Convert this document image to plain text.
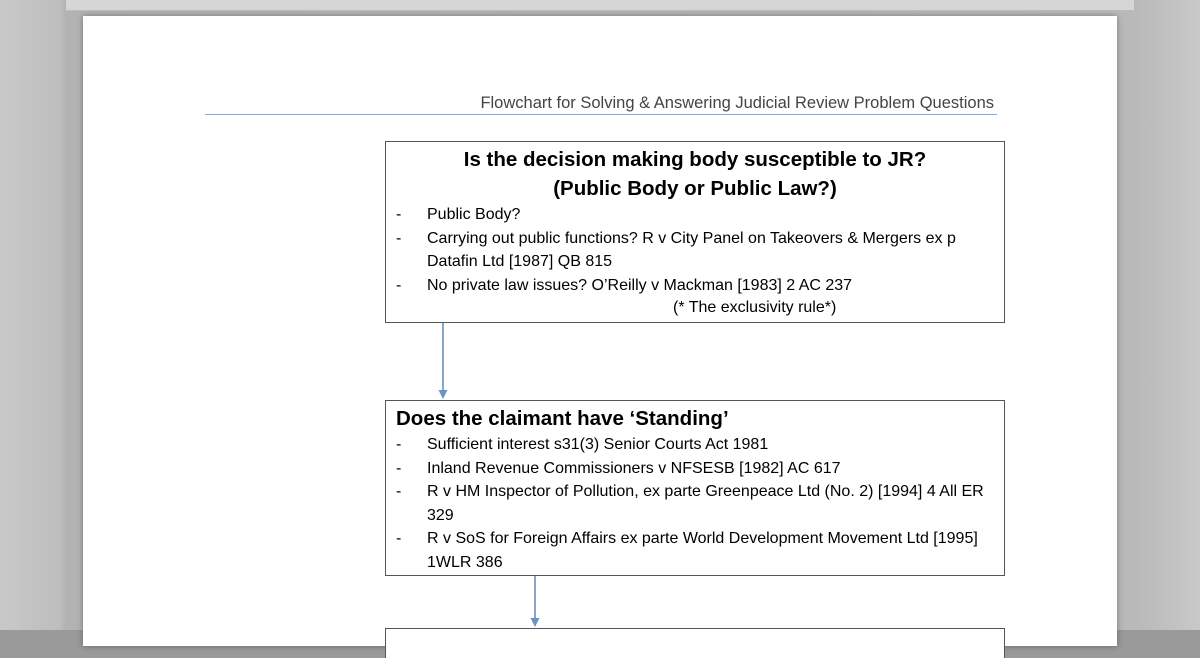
Flowchart for Solving & Answering Judicial Review Problem Questions
Is the decision making body susceptible to JR?
(Public Body or Public Law?)
-	Public Body?
-	Carrying out public functions? R v City Panel on Takeovers & Mergers ex p Datafin Ltd [1987] QB 815
-	No private law issues? O’Reilly v Mackman [1983] 2 AC 237
(* The exclusivity rule*)
Does the claimant have ‘Standing’
-	Sufficient interest s31(3) Senior Courts Act 1981
-	Inland Revenue Commissioners v NFSESB [1982] AC 617
-	R v HM Inspector of Pollution, ex parte Greenpeace Ltd (No. 2) [1994] 4 All ER 329
-	R v SoS for Foreign Affairs ex parte World Development Movement Ltd [1995] 1WLR 386
